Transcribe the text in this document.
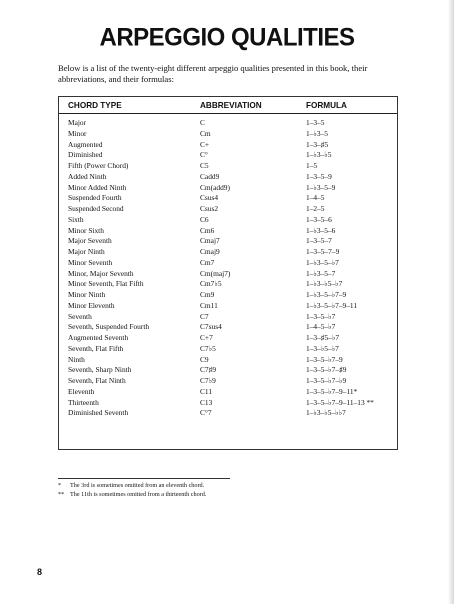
ARPEGGIO QUALITIES
Below is a list of the twenty-eight different arpeggio qualities presented in this book, their abbreviations, and their formulas:
CHORD TYPE	ABBREVIATION	FORMULA
Major	C	1–3–5
Minor	Cm	1–♭3–5
Augmented	C+	1–3–♯5
Diminished	C°	1–♭3–♭5
Fifth (Power Chord)	C5	1–5
Added Ninth	Cadd9	1–3–5–9
Minor Added Ninth	Cm(add9)	1–♭3–5–9
Suspended Fourth	Csus4	1–4–5
Suspended Second	Csus2	1–2–5
Sixth	C6	1–3–5–6
Minor Sixth	Cm6	1–♭3–5–6
Major Seventh	Cmaj7	1–3–5–7
Major Ninth	Cmaj9	1–3–5–7–9
Minor Seventh	Cm7	1–♭3–5–♭7
Minor, Major Seventh	Cm(maj7)	1–♭3–5–7
Minor Seventh, Flat Fifth	Cm7♭5	1–♭3–♭5–♭7
Minor Ninth	Cm9	1–♭3–5–♭7–9
Minor Eleventh	Cm11	1–♭3–5–♭7–9–11
Seventh	C7	1–3–5–♭7
Seventh, Suspended Fourth	C7sus4	1–4–5–♭7
Augmented Seventh	C+7	1–3–♯5–♭7
Seventh, Flat Fifth	C7♭5	1–3–♭5–♭7
Ninth	C9	1–3–5–♭7–9
Seventh, Sharp Ninth	C7♯9	1–3–5–♭7–♯9
Seventh, Flat Ninth	C7♭9	1–3–5–♭7–♭9
Eleventh	C11	1–3–5–♭7–9–11*
Thirteenth	C13	1–3–5–♭7–9–11–13 **
Diminished Seventh	C°7	1–♭3–♭5–♭♭7
* The 3rd is sometimes omitted from an eleventh chord.
** The 11th is sometimes omitted from a thirteenth chord.
8
